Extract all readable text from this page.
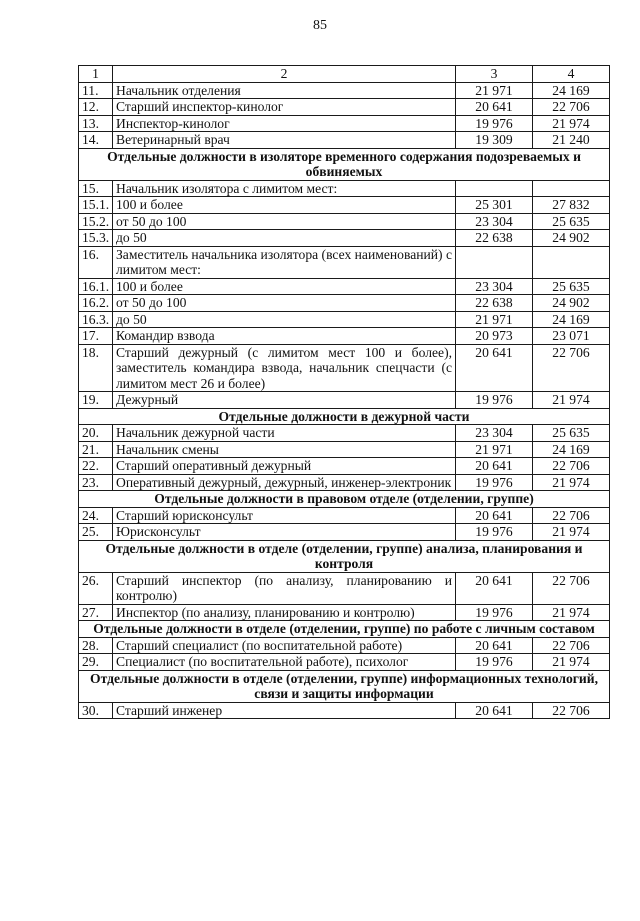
85
1	2	3	4
11.	Начальник отделения	21 971	24 169
12.	Старший инспектор-кинолог	20 641	22 706
13.	Инспектор-кинолог	19 976	21 974
14.	Ветеринарный врач	19 309	21 240
Отдельные должности в изоляторе временного содержания подозреваемых и обвиняемых			
15.	Начальник изолятора с лимитом мест:		
15.1.	100 и более	25 301	27 832
15.2.	от 50 до 100	23 304	25 635
15.3.	до 50	22 638	24 902
16.	Заместитель начальника изолятора (всех наименований) с лимитом мест:		
16.1.	100 и более	23 304	25 635
16.2.	от 50 до 100	22 638	24 902
16.3.	до 50	21 971	24 169
17.	Командир взвода	20 973	23 071
18.	Старший дежурный (с лимитом мест 100 и более), заместитель командира взвода, начальник спецчасти (с лимитом мест 26 и более)	20 641	22 706
19.	Дежурный	19 976	21 974
Отдельные должности в дежурной части			
20.	Начальник дежурной части	23 304	25 635
21.	Начальник смены	21 971	24 169
22.	Старший оперативный дежурный	20 641	22 706
23.	Оперативный дежурный, дежурный, инженер-электроник	19 976	21 974
Отдельные должности в правовом отделе (отделении, группе)			
24.	Старший юрисконсульт	20 641	22 706
25.	Юрисконсульт	19 976	21 974
Отдельные должности в отделе (отделении, группе) анализа, планирования и контроля			
26.	Старший инспектор (по анализу, планированию и контролю)	20 641	22 706
27.	Инспектор (по анализу, планированию и контролю)	19 976	21 974
Отдельные должности в отделе (отделении, группе) по работе с личным составом			
28.	Старший специалист (по воспитательной работе)	20 641	22 706
29.	Специалист (по воспитательной работе), психолог	19 976	21 974
Отдельные должности в отделе (отделении, группе) информационных технологий, связи и защиты информации			
30.	Старший инженер	20 641	22 706
